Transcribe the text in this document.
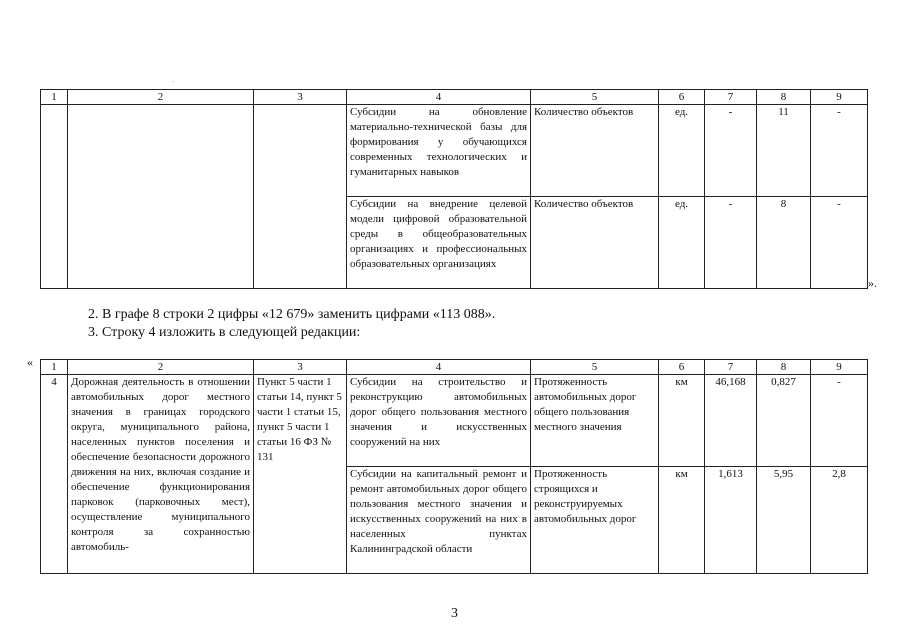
.
1	2	3	4	5	6	7	8	9
			Субсидии на обновление материально-технической базы для формирования у обучающихся современных технологических и гуманитарных навыков	Количество объектов	ед.	-	11	-
			Субсидии на внедрение целевой модели цифровой образовательной среды в общеобразовательных организациях и профессиональных образовательных организациях	Количество объектов	ед.	-	8	-
».
2. В графе 8 строки 2 цифры «12 679» заменить цифрами «113 088».
3. Строку 4 изложить в следующей редакции:
« 1	2	3	4	5	6	7	8	9
4	Дорожная деятельность в отношении автомобильных дорог местного значения в границах городского округа, муниципального района, населенных пунктов поселения и обеспечение безопасности дорожного движения на них, включая создание и обеспечение функционирования парковок (парковочных мест), осуществление муниципального контроля за сохранностью автомобиль-	Пункт 5 части 1 статьи 14, пункт 5 части 1 статьи 15, пункт 5 части 1 статьи 16 ФЗ № 131	Субсидии на строительство и реконструкцию автомобильных дорог общего пользования местного значения и искусственных сооружений на них	Протяженность автомобильных дорог общего пользования местного значения	км	46,168	0,827	-
			Субсидии на капитальный ремонт и ремонт автомобильных дорог общего пользования местного значения и искусственных сооружений на них в населенных пунктах Калининградской области	Протяженность строящихся и реконструируемых автомобильных дорог	км	1,613	5,95	2,8
3
